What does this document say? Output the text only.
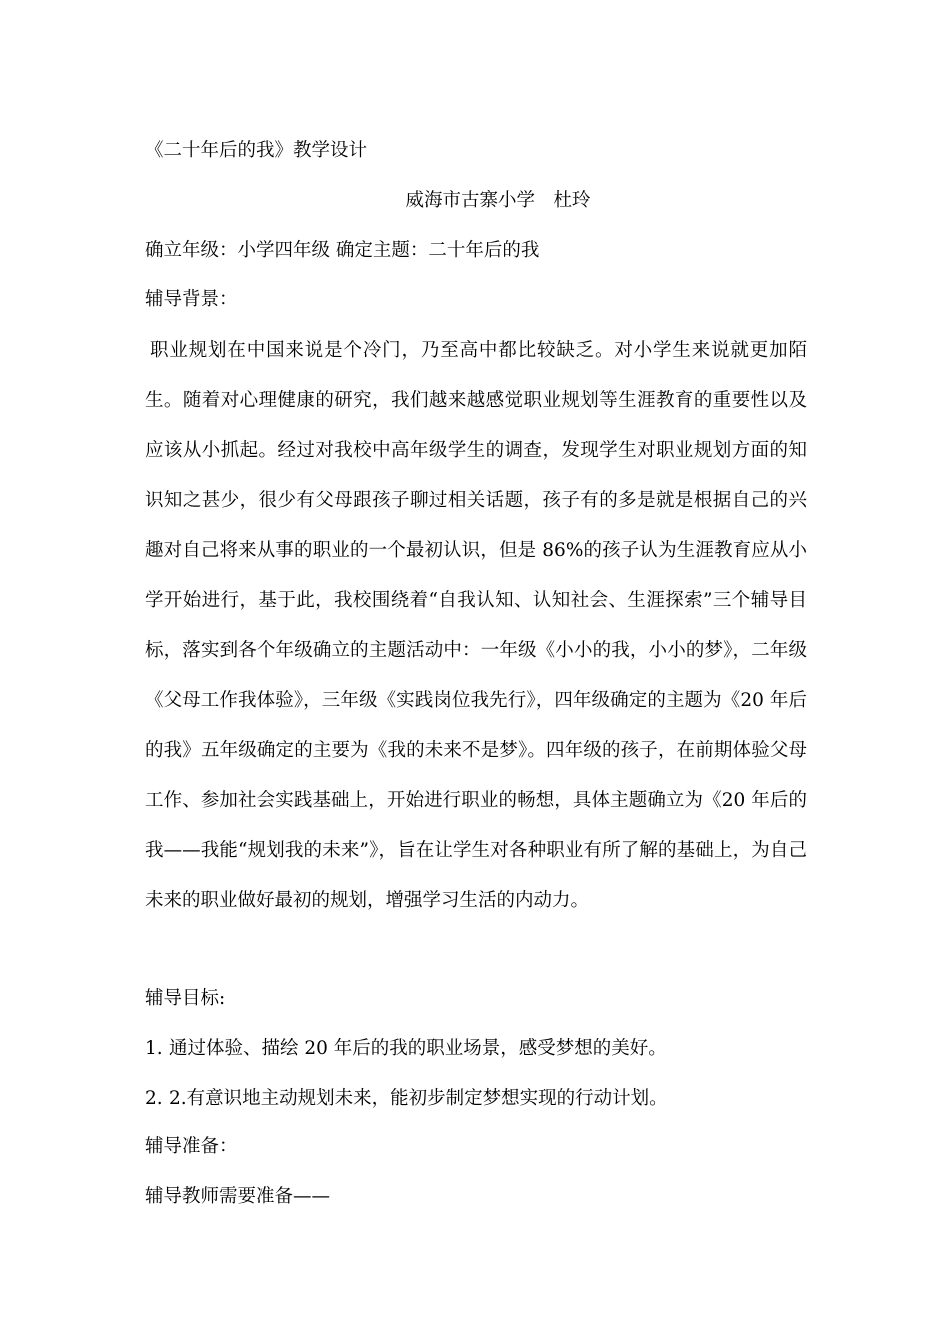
《二十年后的我》教学设计
威海市古寨小学　杜玲
确立年级：小学四年级 确定主题：二十年后的我
辅导背景：
职业规划在中国来说是个冷门，乃至高中都比较缺乏。对小学生来说就更加陌生。随着对心理健康的研究，我们越来越感觉职业规划等生涯教育的重要性以及应该从小抓起。经过对我校中高年级学生的调查，发现学生对职业规划方面的知识知之甚少，很少有父母跟孩子聊过相关话题，孩子有的多是就是根据自己的兴趣对自己将来从事的职业的一个最初认识，但是 86%的孩子认为生涯教育应从小学开始进行，基于此，我校围绕着“自我认知、认知社会、生涯探索”三个辅导目标，落实到各个年级确立的主题活动中：一年级《小小的我，小小的梦》，二年级《父母工作我体验》，三年级《实践岗位我先行》，四年级确定的主题为《20 年后的我》五年级确定的主要为《我的未来不是梦》。四年级的孩子，在前期体验父母工作、参加社会实践基础上，开始进行职业的畅想，具体主题确立为《20 年后的我——我能“规划我的未来”》，旨在让学生对各种职业有所了解的基础上，为自己未来的职业做好最初的规划，增强学习生活的内动力。
辅导目标:
1. 通过体验、描绘 20 年后的我的职业场景，感受梦想的美好。
2. 2.有意识地主动规划未来，能初步制定梦想实现的行动计划。
辅导准备：
辅导教师需要准备——
